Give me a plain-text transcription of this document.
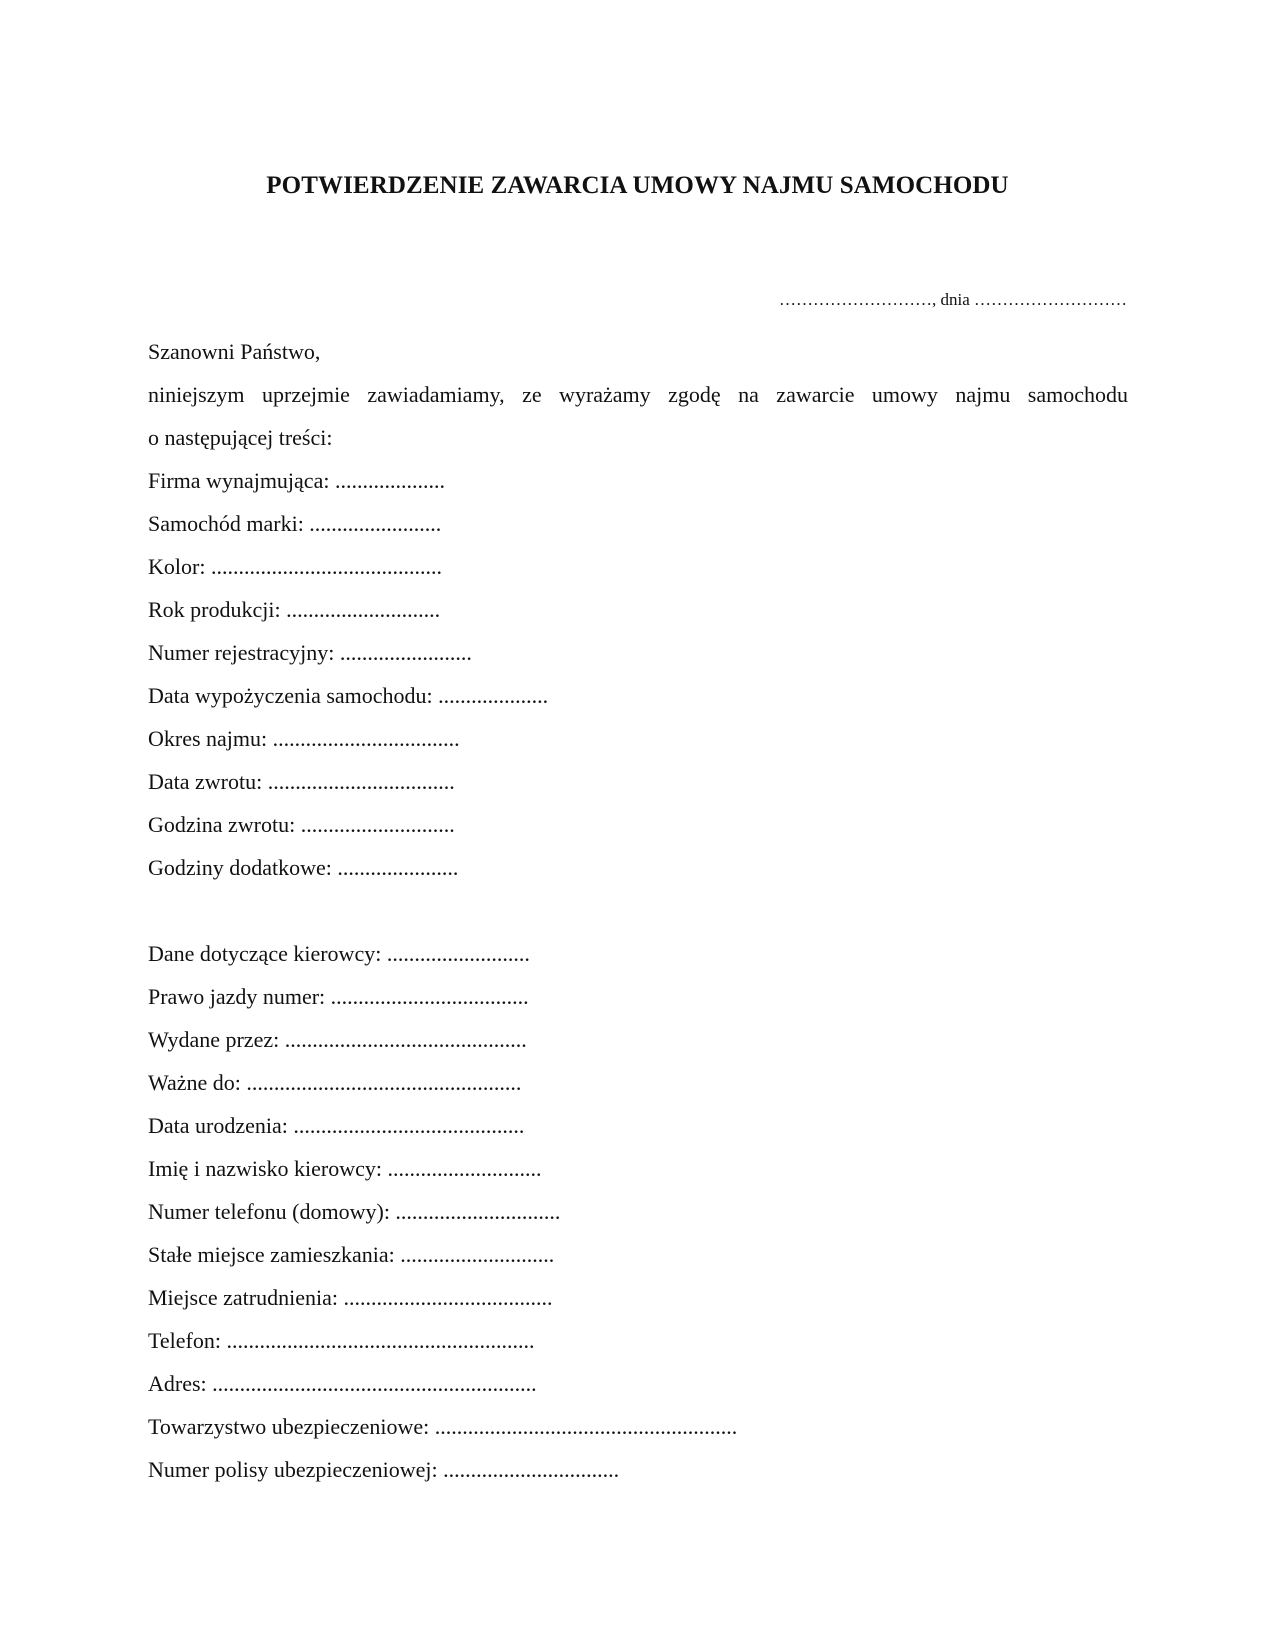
POTWIERDZENIE ZAWARCIA UMOWY NAJMU SAMOCHODU
………………………, dnia ………………………
Szanowni Państwo,
niniejszym uprzejmie zawiadamiamy, ze wyrażamy zgodę na zawarcie umowy najmu samochodu
o następującej treści:
Firma wynajmująca: ....................
Samochód marki: ........................
Kolor: ..........................................
Rok produkcji: ............................
Numer rejestracyjny: ........................
Data wypożyczenia samochodu: ....................
Okres najmu: ..................................
Data zwrotu: ..................................
Godzina zwrotu: ............................
Godziny dodatkowe: ......................
Dane dotyczące kierowcy: ..........................
Prawo jazdy numer: ....................................
Wydane przez: ............................................
Ważne do: ..................................................
Data urodzenia: ..........................................
Imię i nazwisko kierowcy: ............................
Numer telefonu (domowy): ..............................
Stałe miejsce zamieszkania: ............................
Miejsce zatrudnienia: ......................................
Telefon: ........................................................
Adres: ...........................................................
Towarzystwo ubezpieczeniowe: .......................................................
Numer polisy ubezpieczeniowej: ................................
